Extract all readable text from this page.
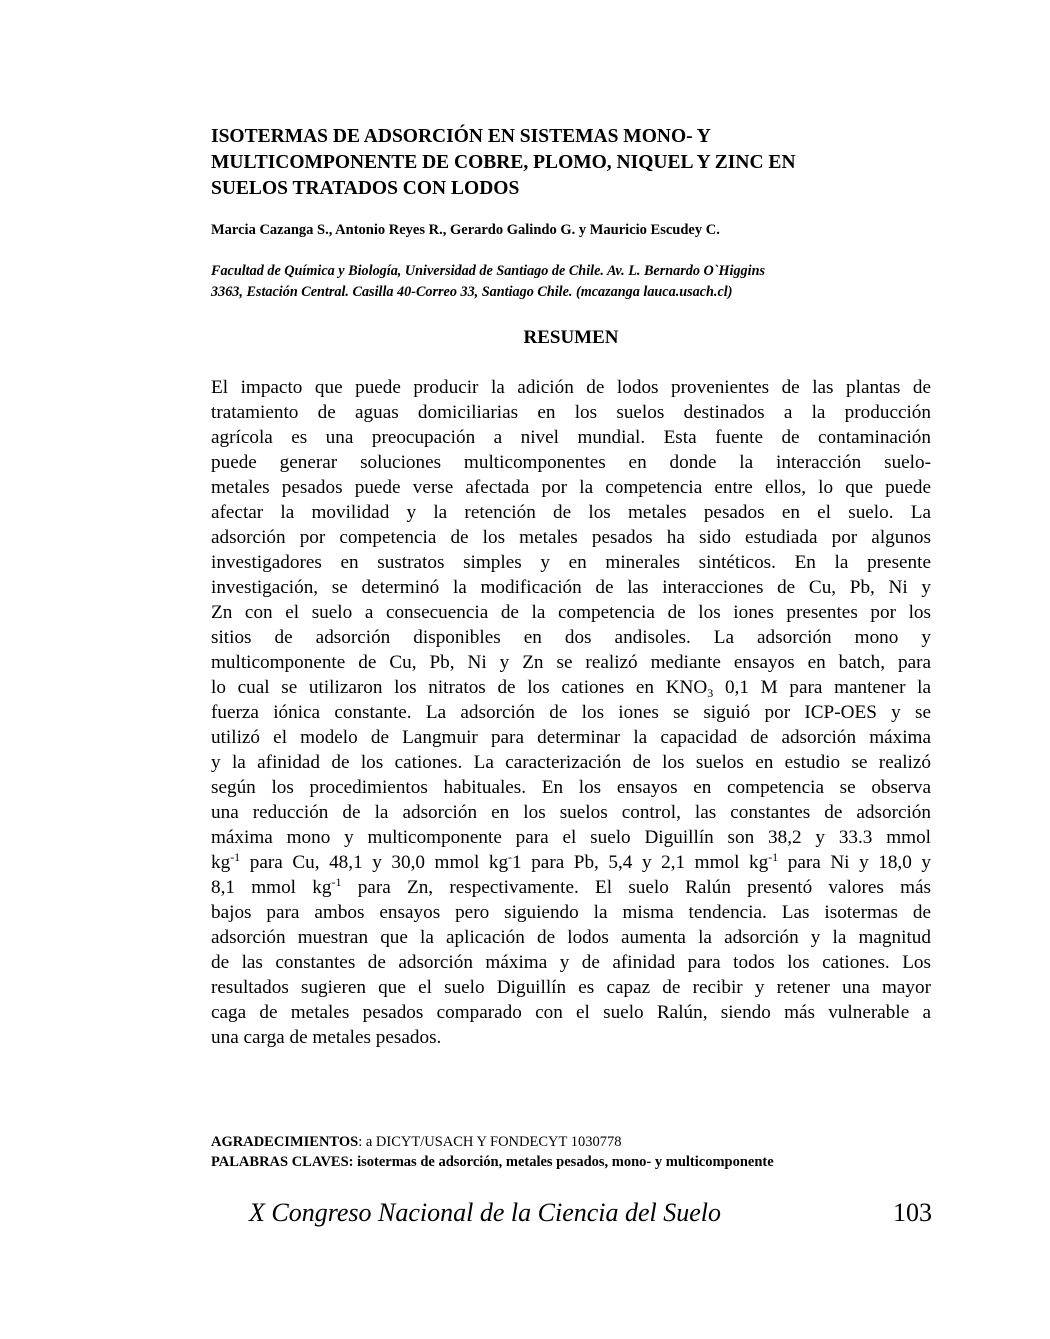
ISOTERMAS DE ADSORCIÓN EN SISTEMAS MONO- Y
MULTICOMPONENTE DE COBRE, PLOMO, NIQUEL Y ZINC EN
SUELOS TRATADOS CON LODOS

Marcia Cazanga S., Antonio Reyes R., Gerardo Galindo G. y Mauricio Escudey C.

Facultad de Química y Biología, Universidad de Santiago de Chile. Av. L. Bernardo O`Higgins
3363, Estación Central. Casilla 40-Correo 33, Santiago Chile. (mcazanga lauca.usach.cl)

RESUMEN
El impacto que puede producir la adición de lodos provenientes de las plantas de
tratamiento de aguas domiciliarias en los suelos destinados a la producción
agrícola es una preocupación a nivel mundial. Esta fuente de contaminación
puede generar soluciones multicomponentes en donde la interacción suelo-
metales pesados puede verse afectada por la competencia entre ellos, lo que puede
afectar la movilidad y la retención de los metales pesados en el suelo. La
adsorción por competencia de los metales pesados ha sido estudiada por algunos
investigadores en sustratos simples y en minerales sintéticos. En la presente
investigación, se determinó la modificación de las interacciones de Cu, Pb, Ni y
Zn con el suelo a consecuencia de la competencia de los iones presentes por los
sitios de adsorción disponibles en dos andisoles. La adsorción mono y
multicomponente de Cu, Pb, Ni y Zn se realizó mediante ensayos en batch, para
lo cual se utilizaron los nitratos de los cationes en $KNO_3$ 0,1 M para mantener la
fuerza iónica constante. La adsorción de los iones se siguió por ICP-OES y se
utilizó el modelo de Langmuir para determinar la capacidad de adsorción máxima
y la afinidad de los cationes. La caracterización de los suelos en estudio se realizó
según los procedimientos habituales. En los ensayos en competencia se observa
una reducción de la adsorción en los suelos control, las constantes de adsorción
máxima mono y multicomponente para el suelo Diguillín son 38,2 y 33.3 mmol
$kg^{-1}$ para Cu, 48,1 y 30,0 mmol kg-1 para Pb, 5,4 y 2,1 mmol $kg^{-1}$ para Ni y 18,0 y
8,1 mmol $kg^{-1}$ para Zn, respectivamente. El suelo Ralún presentó valores más
bajos para ambos ensayos pero siguiendo la misma tendencia. Las isotermas de
adsorción muestran que la aplicación de lodos aumenta la adsorción y la magnitud
de las constantes de adsorción máxima y de afinidad para todos los cationes. Los
resultados sugieren que el suelo Diguillín es capaz de recibir y retener una mayor
caga de metales pesados comparado con el suelo Ralún, siendo más vulnerable a
una carga de metales pesados.

AGRADECIMIENTOS: a DICYT/USACH Y FONDECYT 1030778

PALABRAS CLAVES: isotermas de adsorción, metales pesados, mono- y multicomponente

X Congreso Nacional de la Ciencia del Suelo	103
